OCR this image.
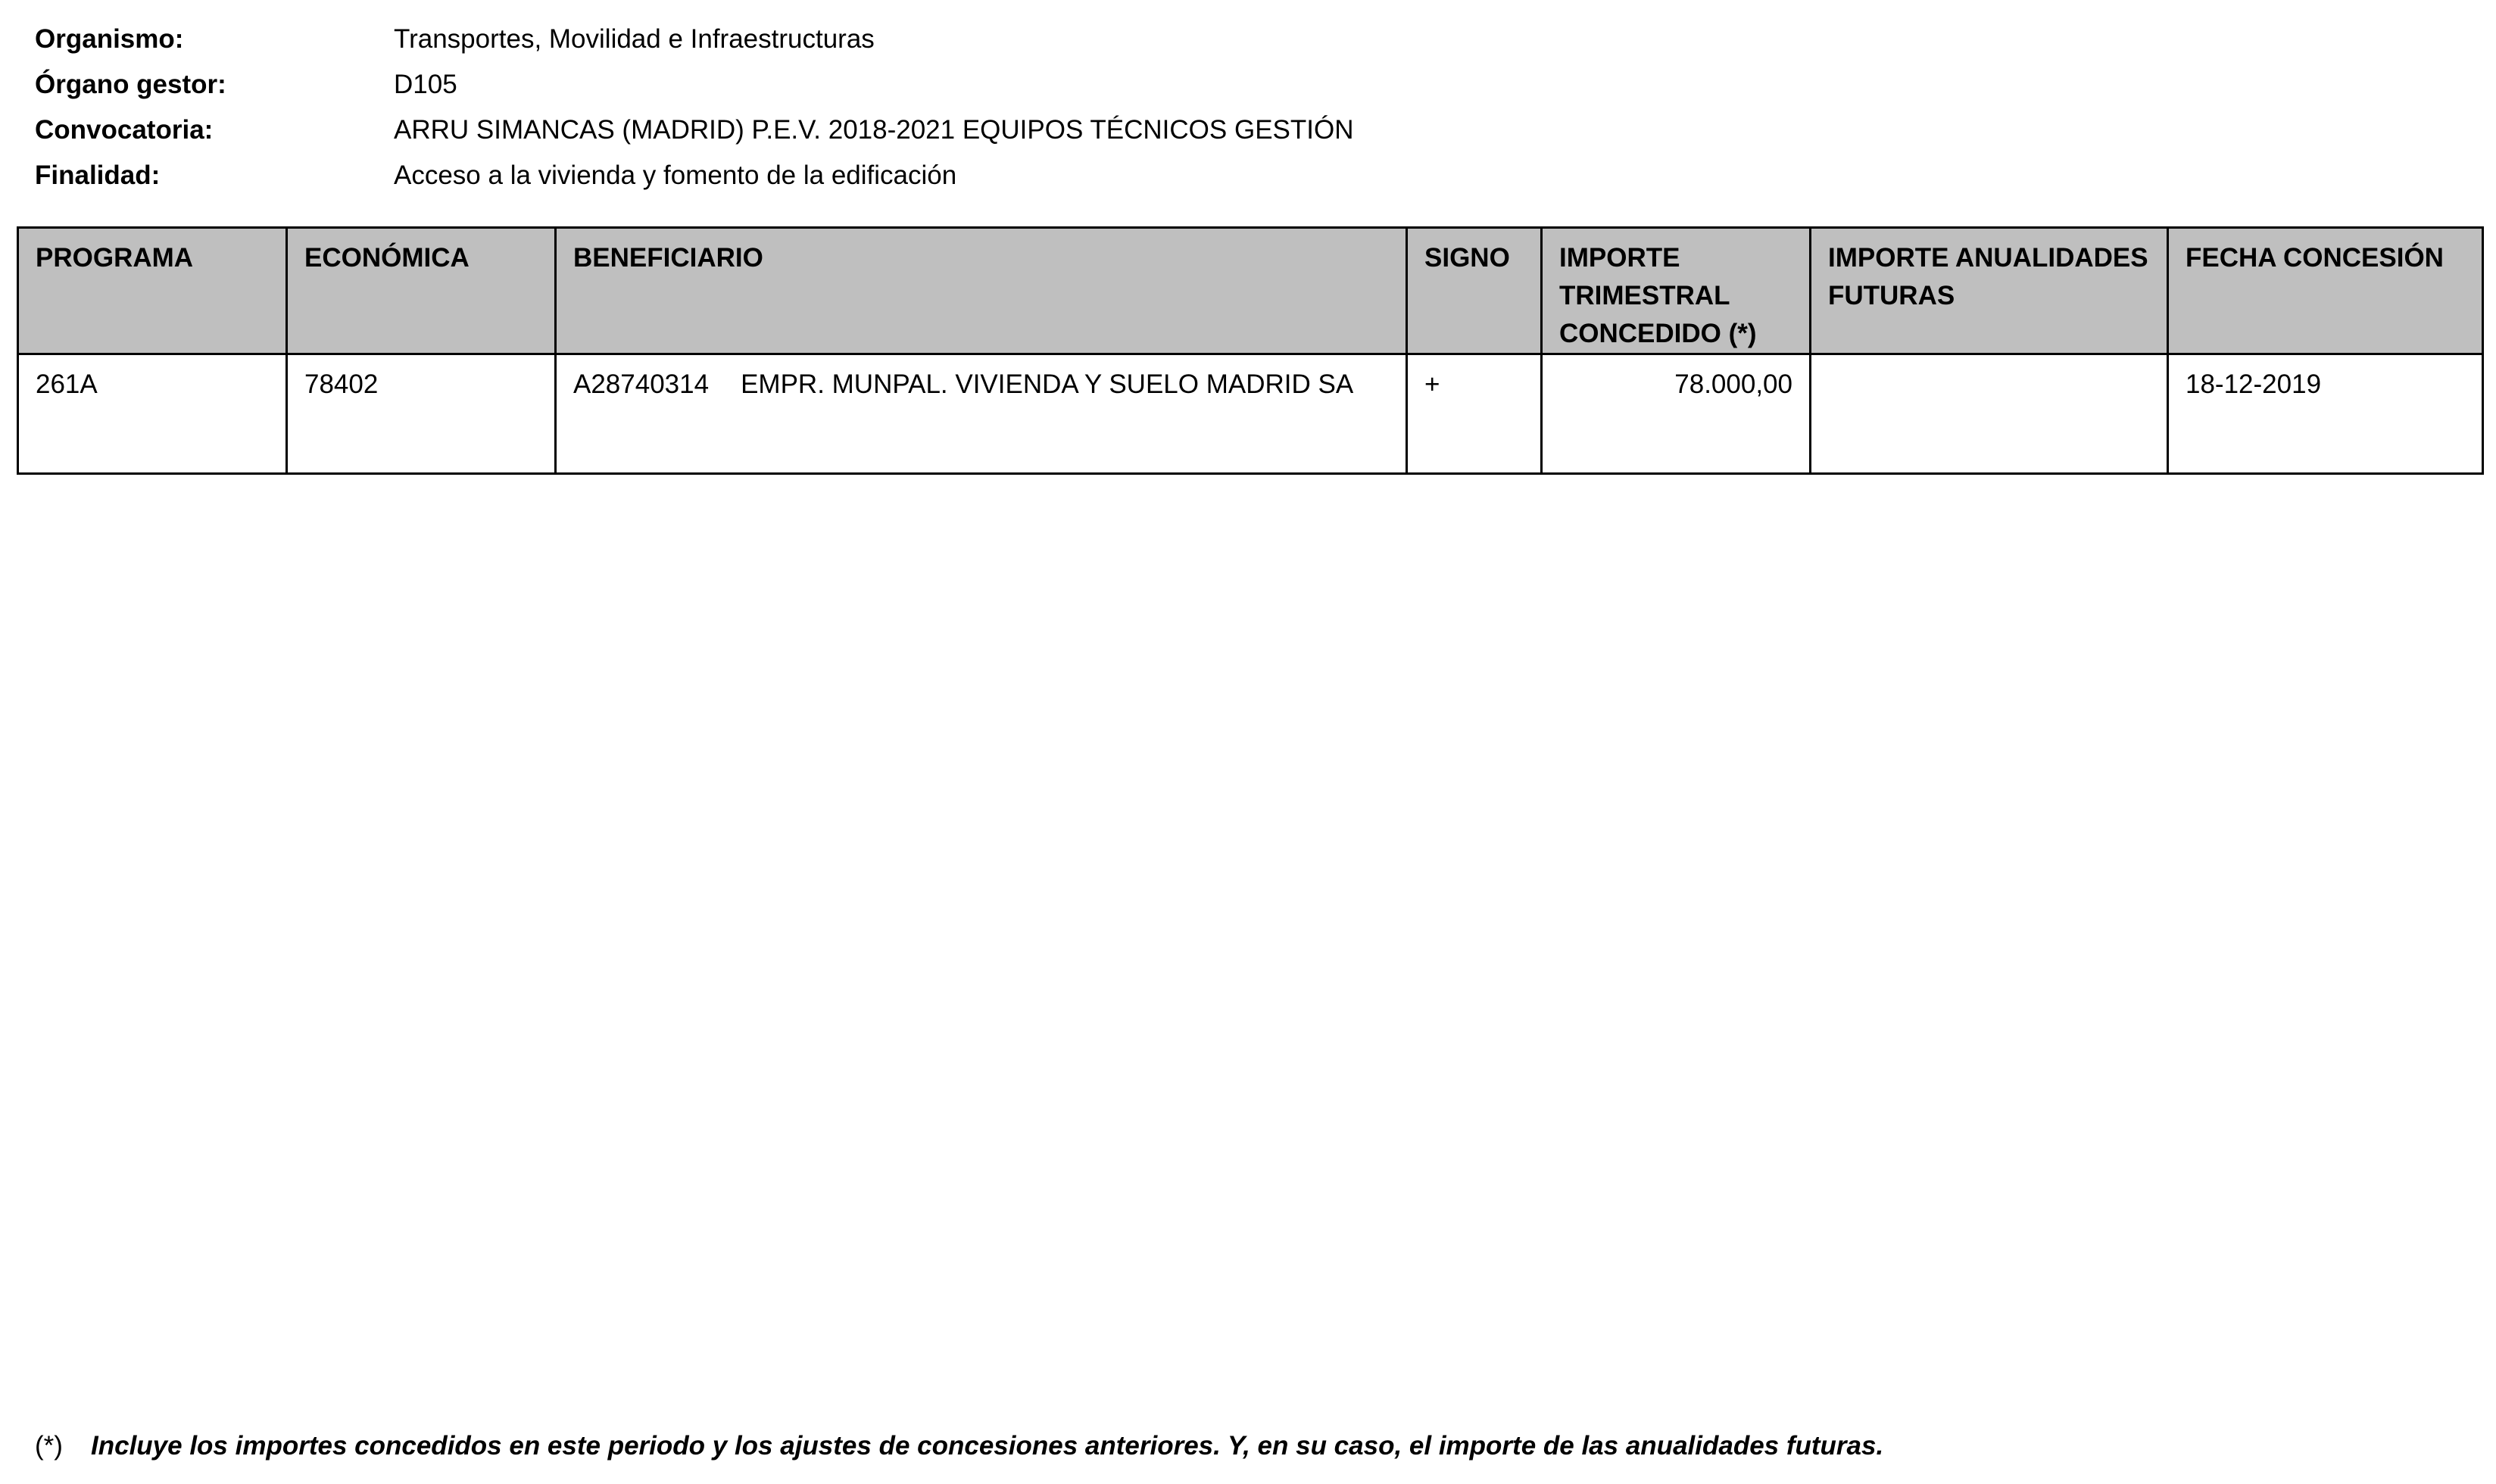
Organismo:	Transportes, Movilidad e Infraestructuras
Órgano gestor:	D105
Convocatoria:	ARRU SIMANCAS (MADRID) P.E.V. 2018-2021 EQUIPOS TÉCNICOS GESTIÓN
Finalidad:	Acceso a la vivienda y fomento de la edificación
PROGRAMA	ECONÓMICA	BENEFICIARIO	SIGNO	IMPORTE TRIMESTRAL CONCEDIDO (*)	IMPORTE ANUALIDADES FUTURAS	FECHA CONCESIÓN
261A	78402	A28740314 EMPR. MUNPAL. VIVIENDA Y SUELO MADRID SA	+	78.000,00		18-12-2019
(*)	Incluye los importes concedidos en este periodo y los ajustes de concesiones anteriores. Y, en su caso, el importe de las anualidades futuras.
